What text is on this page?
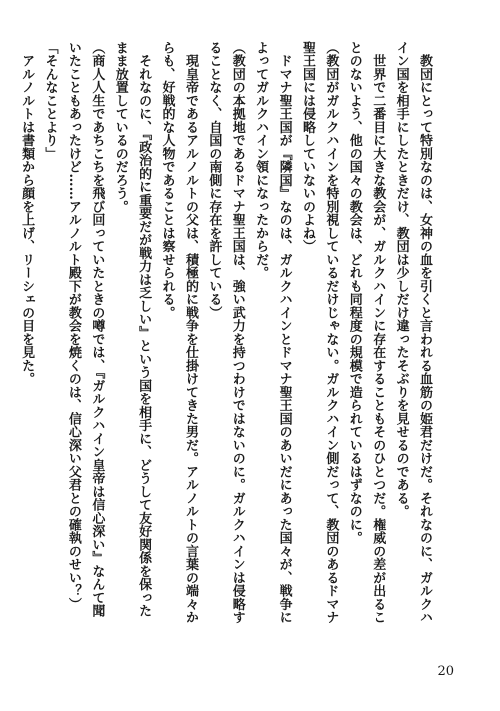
　教団にとって特別なのは、女神の血を引くと言われる血筋の姫君だけだ。それなのに、ガルクハ
イン国を相手にしたときだけ、教団は少しだけ違ったそぶりを見せるのである。
　世界で二番目に大きな教会が、ガルクハインに存在することもそのひとつだ。権威の差が出るこ
とのないよう、他の国々の教会は、どれも同程度の規模で造られているはずなのに。
（教団がガルクハインを特別視しているだけじゃない。ガルクハイン側だって、教団のあるドマナ
聖王国には侵略していないのよね）
　ドマナ聖王国が『隣国』なのは、ガルクハインとドマナ聖王国のあいだにあった国々が、戦争に
よってガルクハイン領になったからだ。
（教団の本拠地であるドマナ聖王国は、強い武力を持つわけではないのに。ガルクハインは侵略す
ることなく、自国の南側に存在を許している）
　現皇帝であるアルノルトの父は、積極的に戦争を仕掛けてきた男だ。アルノルトの言葉の端々か
らも、好戦的な人物であることは察せられる。
　それなのに、『政治的に重要だが戦力は乏しい』という国を相手に、どうして友好関係を保った
まま放置しているのだろう。
（商人人生であちこちを飛び回っていたときの噂では、『ガルクハイン皇帝は信心深い』なんて聞
いたこともあったけど……アルノルト殿下が教会を焼くのは、信心深い父君との確執のせい？）
「そんなことより」
　アルノルトは書類から顔を上げ、リーシェの目を見た。
20
